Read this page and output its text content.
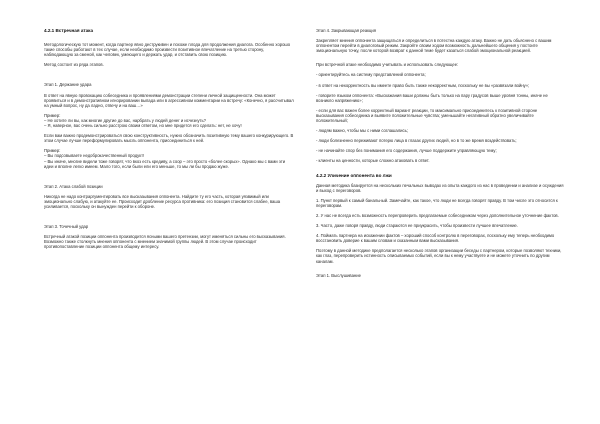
4.2.1 Встречная атака

Методологическую тот момент, когда партнер явно деструкивен и похоже плода для продолжения диалога. Особенно хорошо такие способы работают в тех случае, если необходимо произвести позитивное впечатление на третью сторону, наблюдающую за сменой, как человек, умеющего и держать удар, и отставить свою позицию.

Метод состоит из ряда этапов.

Этап 1. Держание удара

В ответ на явную провокацию собеседника и проявлениями демонстрации степени личной защищенности. Она может проявиться и в демонстративном игнорировании выпада или в агрессивном комментарии на встречу: «Конечно, я рассчитывал на умный вопрос, ну да ладно, отвечу и на ваш…»

Пример:

– Не хотите ли вы, как многие другие до вас, нарбрать у людей денег и исчезнуть?

– Я, наверное, вас очень сильно расстрою своим ответом, но мне придется его сделать: нет, не хочу!

Если вам важно продемонстрироваться свою конструктивность, нужно обозначить позитивную тему вашего конкурирующего. В этом случае лучше переформулировать мысль оппонента, присоединиться к ней.

Пример:

– Вы подсовываете недоброкачественный продукт!

– Вы иначе, многие видели тоже говорят, что вкоз есть кредиву, а соор – это просто «более скорых». Однако мы с вами эти идеи и вполне легко имеем. Мало того, если были ели его меньше, то мы ли бы продаю жуже.

Этап 2. Атака слабой позиции

Никогда не надо контраргументировать все высказывания оппонента. Найдите ту его часть, которая уязвимый или эмоционально слабую, и атакуйте ее. Происходит дробление ресурса противника: его позиция становится слабее, ваша усиливается, поскольку он вынужден перейти к обороне.

Этап 3. Точечный удар

Встречный атакой позиции оппонента производится ясными вашего претензии, могут именяться сильны его высказывания. Возможно также столкнуть мнения оппонента с мнением значимой группы людей. В этом случае происходит противопоставление позиции оппонента общему интересу.

Этап 4. Закрывающая реакция

Закрепляет мнения оппонента защищаться и определиться в потестна каждую атаку. Важно не дать обьяснено с вашим оппонентом перейти в диалоговый режим. Закройте своим ходом возможность дальнейшего общения у постоите эмоциональную точку, после которой возврат к данной теме будет казаться слабой эмоциональной реакцией.

При встречной атаке необходимо учитывать и использовать следующее:

- ориентируйтесь на систему представлений оппонента;

- в ответ на некорректность вы имеете право быть также некорректным, поскольку не вы «развязали войну»;

- говорите языком оппонента: «Выскажания ваши должны быть только на пару градусов выше уровня тонны, иначе не возникло напряжению»;

- если для вас важен более корректный вариант реакции, то максимально присоединитесь к позитивной стороне высказывания собеседника и выявите положительные чувства; уменьшайте негативный обратно увеличивайте положительный;

- людям важно, чтобы мы с ними соглашались;

- люди болезненно переживают потерю лица в глазах других людей, но в то же время воздействовать;

- не начинайте спор без понимания его содержания, лучше поддержите управляющую тему;

- клиенты на ценности, которые сложно атаковать в ответ.

4.2.2 Уличение оппонента во лжи

Данная методика базируется на нескольких печальных выводах из опыта каждого из нас в проведении и анализе и осуждения и выход с переговоров.

1. Пункт первый к самый банальный. Замечайте, как такое, что люди не всегда говорят правду. В том числе это относится к переговорам.

2. У нас не всегда есть возможность перепроверить предлагаемые собеседником через дополнительное уточнение фактов.

3. Часто, даже говоря правду, люди стараются ее приукрасить, чтобы произвести лучшее впечатление.

4. Поймать партнера на искажении фактов – хороший способ контролю в переговорах, поскольку ему теперь необходимо восстановить доверие к вашим словам и сказанным вами высказывания.

Поэтому в данной методике предполагается несколько этапов организации беседы с партнером, которые позволяют техники, как глаз, перепроверить истинность описываемых событий, если вы к нему участвуете и не можете уточнить по другим каналам.

Этап 1. Выслушивание
